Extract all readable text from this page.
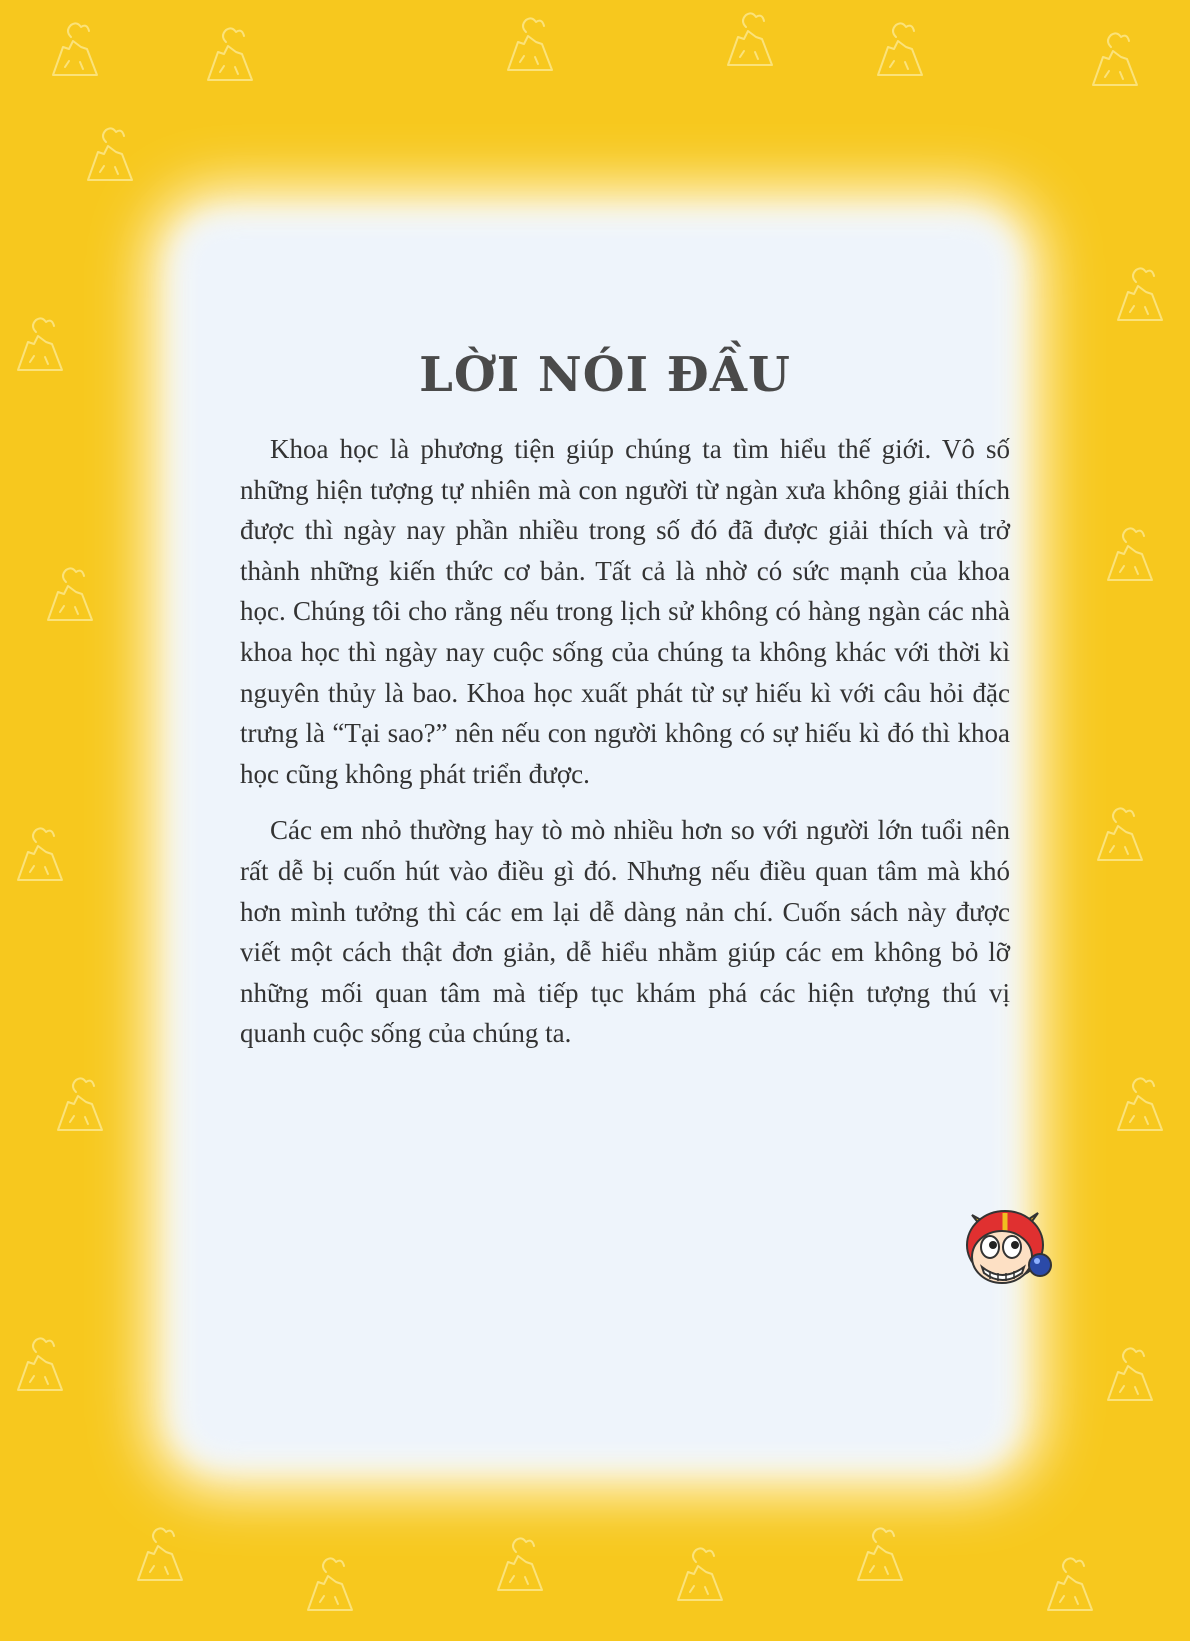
LỜI NÓI ĐẦU

Khoa học là phương tiện giúp chúng ta tìm hiểu thế giới. Vô số những hiện tượng tự nhiên mà con người từ ngàn xưa không giải thích được thì ngày nay phần nhiều trong số đó đã được giải thích và trở thành những kiến thức cơ bản. Tất cả là nhờ có sức mạnh của khoa học. Chúng tôi cho rằng nếu trong lịch sử không có hàng ngàn các nhà khoa học thì ngày nay cuộc sống của chúng ta không khác với thời kì nguyên thủy là bao. Khoa học xuất phát từ sự hiếu kì với câu hỏi đặc trưng là “Tại sao?” nên nếu con người không có sự hiếu kì đó thì khoa học cũng không phát triển được.

Các em nhỏ thường hay tò mò nhiều hơn so với người lớn tuổi nên rất dễ bị cuốn hút vào điều gì đó. Nhưng nếu điều quan tâm mà khó hơn mình tưởng thì các em lại dễ dàng nản chí. Cuốn sách này được viết một cách thật đơn giản, dễ hiểu nhằm giúp các em không bỏ lỡ những mối quan tâm mà tiếp tục khám phá các hiện tượng thú vị quanh cuộc sống của chúng ta.
